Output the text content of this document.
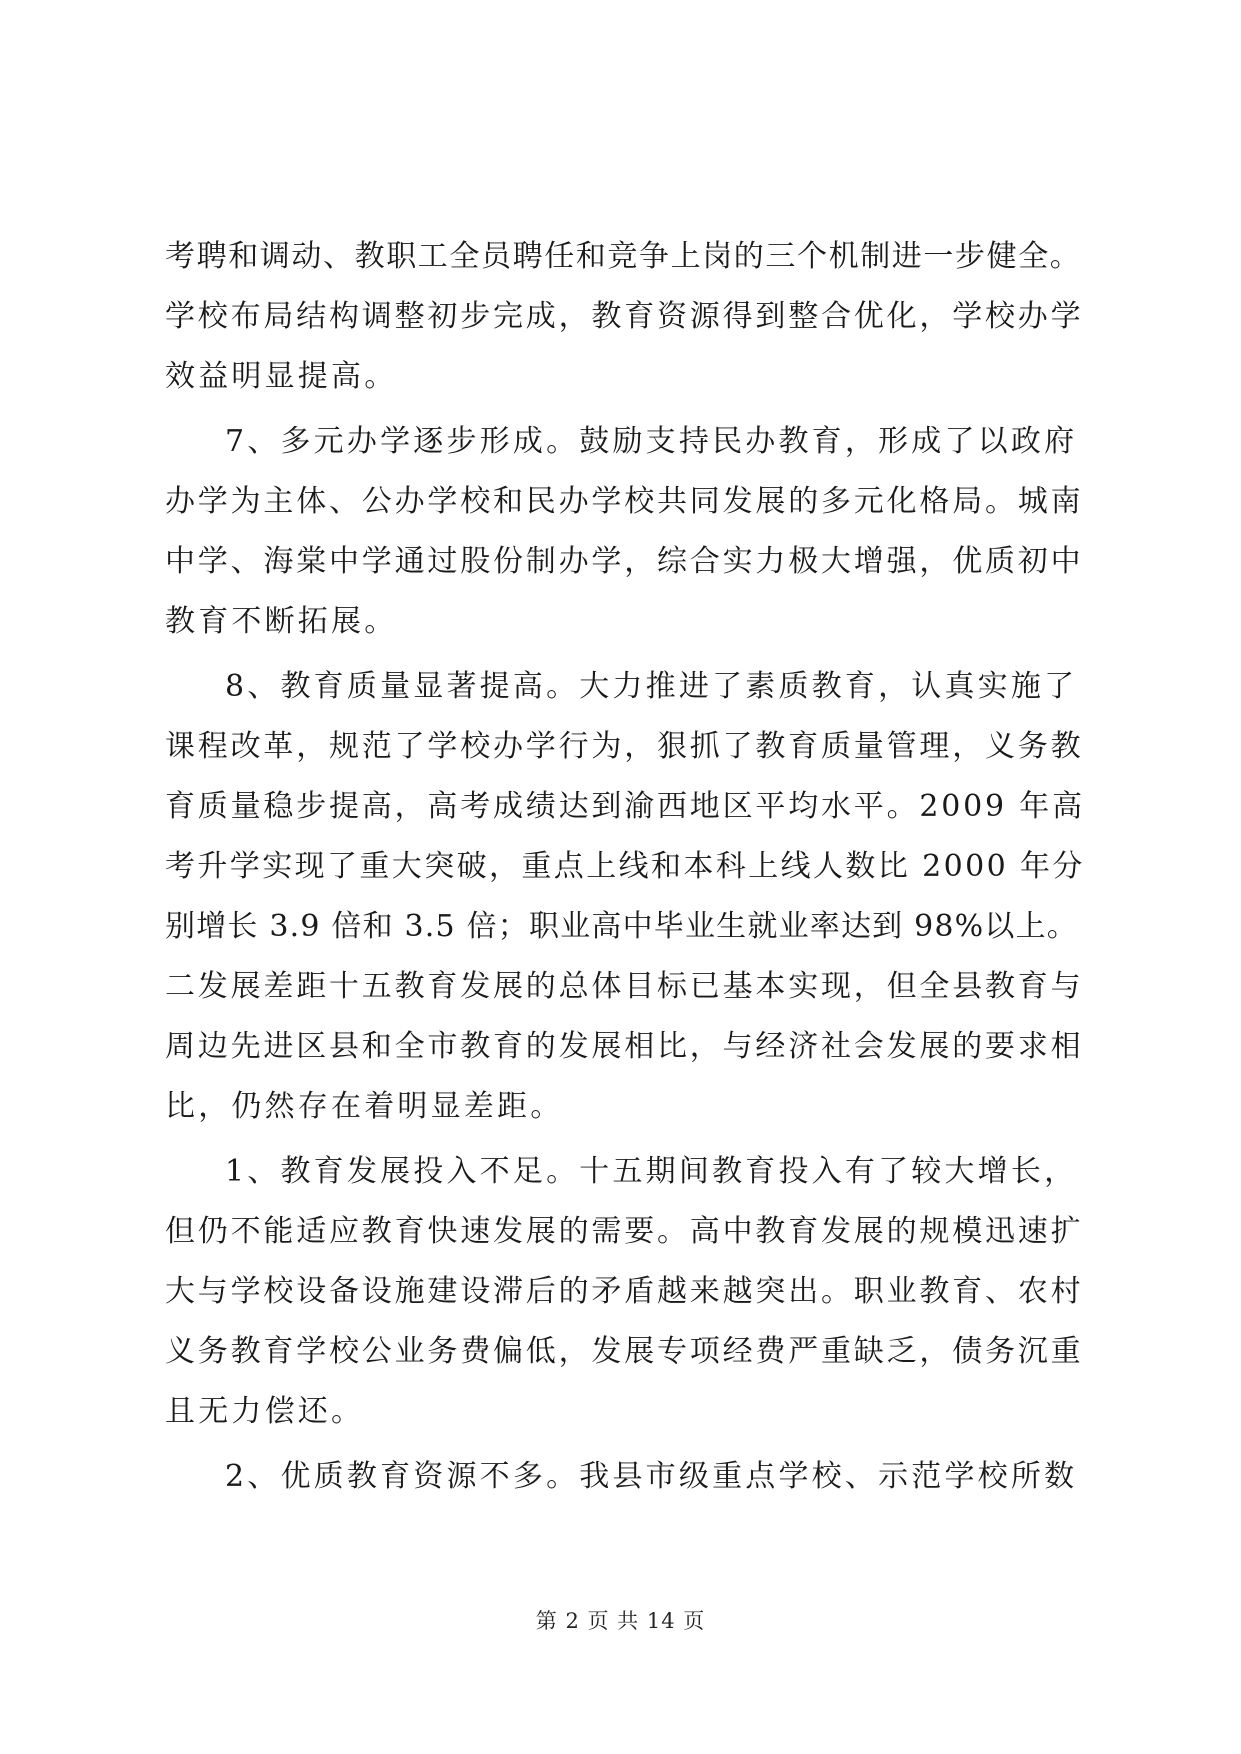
考聘和调动、教职工全员聘任和竞争上岗的三个机制进一步健全。
学校布局结构调整初步完成，教育资源得到整合优化，学校办学
效益明显提高。
7、多元办学逐步形成。鼓励支持民办教育，形成了以政府
办学为主体、公办学校和民办学校共同发展的多元化格局。城南
中学、海棠中学通过股份制办学，综合实力极大增强，优质初中
教育不断拓展。
8、教育质量显著提高。大力推进了素质教育，认真实施了
课程改革，规范了学校办学行为，狠抓了教育质量管理，义务教
育质量稳步提高，高考成绩达到渝西地区平均水平。2009 年高
考升学实现了重大突破，重点上线和本科上线人数比 2000 年分
别增长 3.9 倍和 3.5 倍；职业高中毕业生就业率达到 98%以上。
二发展差距十五教育发展的总体目标已基本实现，但全县教育与
周边先进区县和全市教育的发展相比，与经济社会发展的要求相
比，仍然存在着明显差距。
1、教育发展投入不足。十五期间教育投入有了较大增长，
但仍不能适应教育快速发展的需要。高中教育发展的规模迅速扩
大与学校设备设施建设滞后的矛盾越来越突出。职业教育、农村
义务教育学校公业务费偏低，发展专项经费严重缺乏，债务沉重
且无力偿还。
2、优质教育资源不多。我县市级重点学校、示范学校所数
第 2 页 共 14 页
